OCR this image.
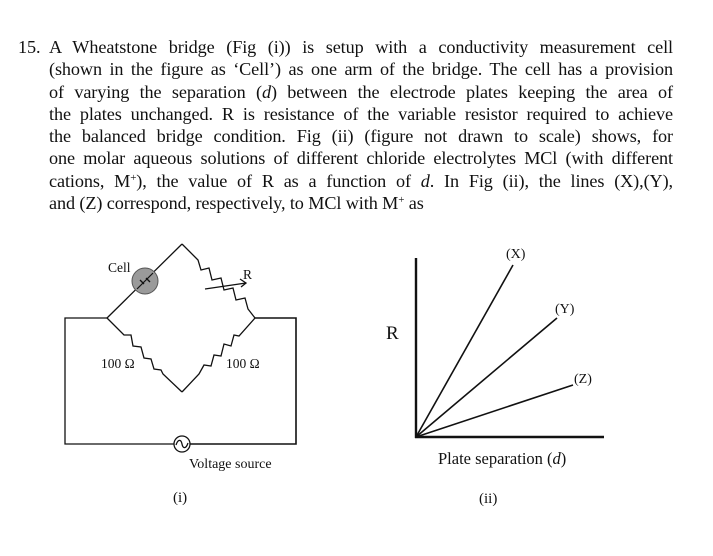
15. A Wheatstone bridge (Fig (i)) is setup with a conductivity measurement cell
(shown in the figure as ‘Cell’) as one arm of the bridge. The cell has a provision
of varying the separation (d) between the electrode plates keeping the area of
the plates unchanged. R is resistance of the variable resistor required to achieve
the balanced bridge condition. Fig (ii) (figure not drawn to scale) shows, for
one molar aqueous solutions of different chloride electrolytes MCl (with different
cations, M+), the value of R as a function of d. In Fig (ii), the lines (X),(Y),
and (Z) correspond, respectively, to MCl with M+ as
Cell	R
100 Ω	100 Ω
Voltage source
(i)
(X)
(Y)
(Z)
R
Plate separation (d)
(ii)
